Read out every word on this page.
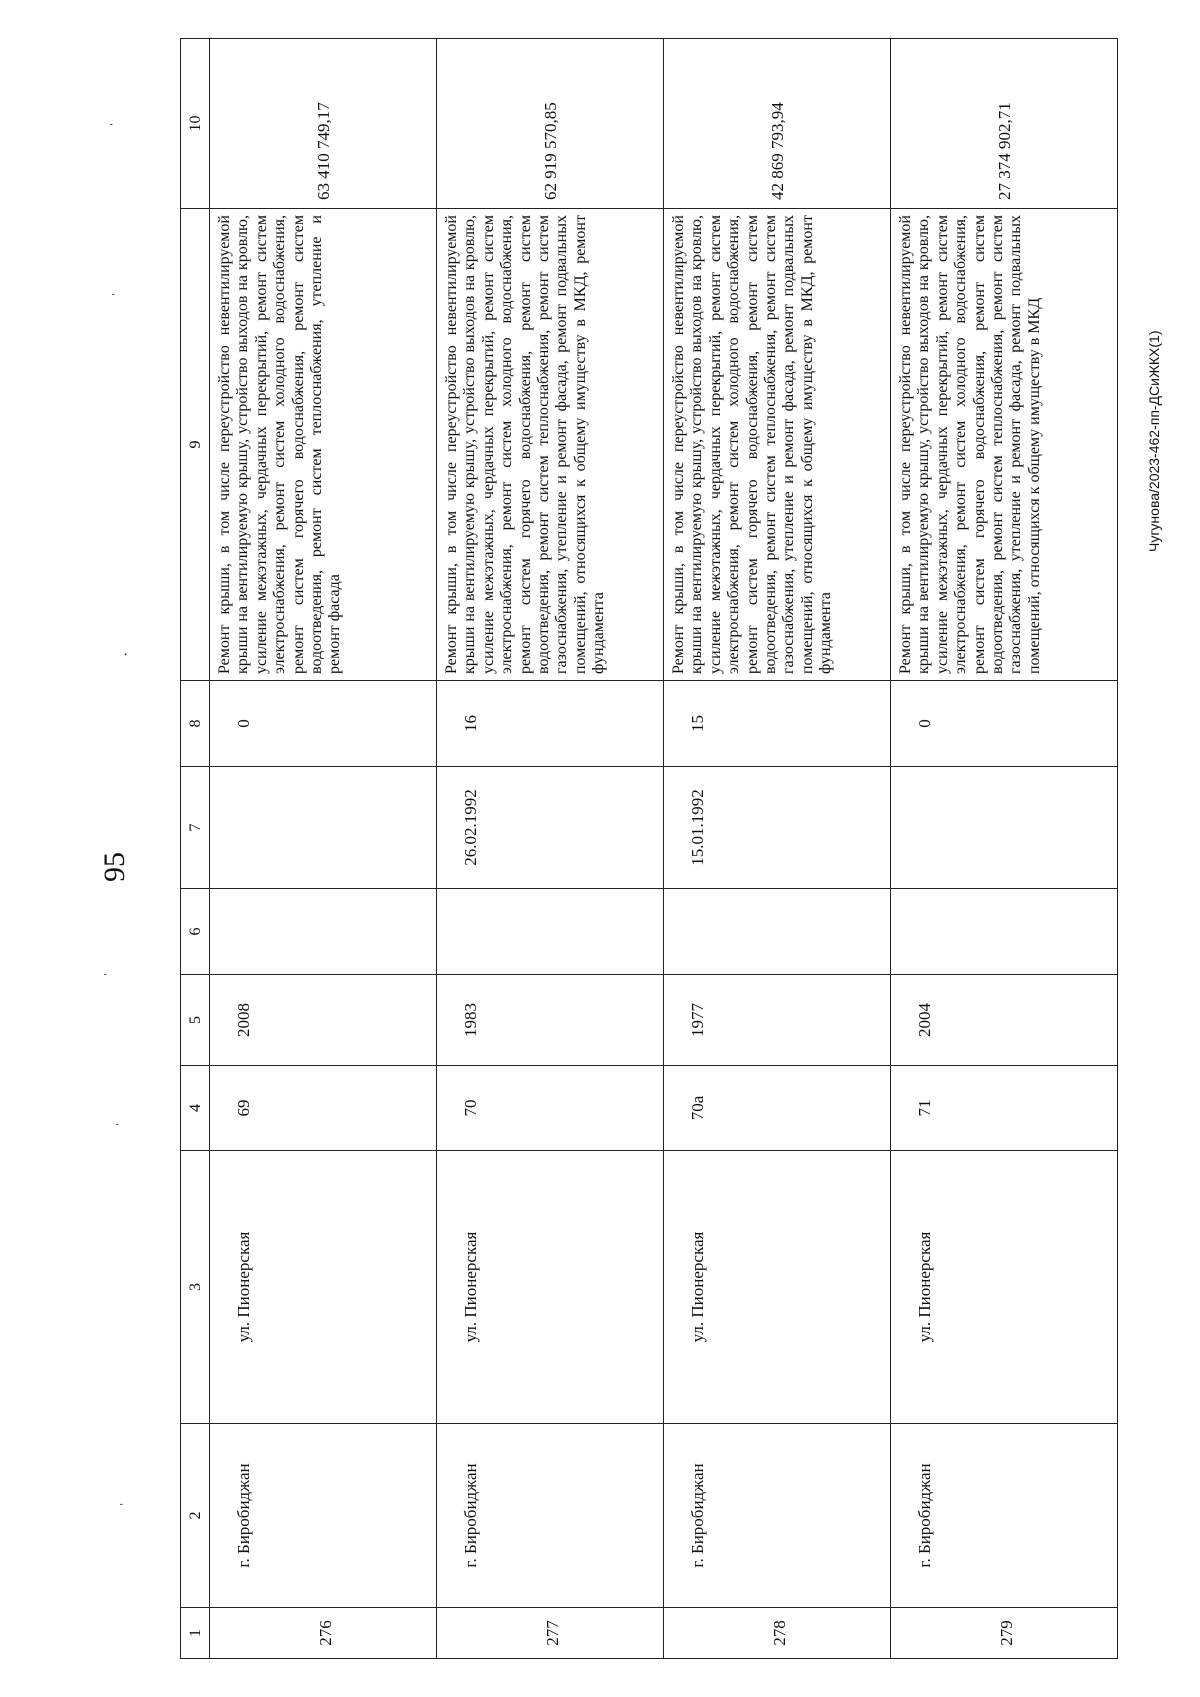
95
1	2	3	4	5	6	7	8	9	10
276	г. Биробиджан	ул. Пионерская	69	2008			0	Ремонт крыши, в том числе переустройство невентилируемой крыши на вентилируемую крышу, устройство выходов на кровлю, усиление межэтажных, чердачных перекрытий, ремонт систем электроснабжения, ремонт систем холодного водоснабжения, ремонт систем горячего водоснабжения, ремонт систем водоотведения, ремонт систем теплоснабжения, утепление и ремонт фасада	63 410 749,17
277	г. Биробиджан	ул. Пионерская	70	1983		26.02.1992	16	Ремонт крыши, в том числе переустройство невентилируемой крыши на вентилируемую крышу, устройство выходов на кровлю, усиление межэтажных, чердачных перекрытий, ремонт систем электроснабжения, ремонт систем холодного водоснабжения, ремонт систем горячего водоснабжения, ремонт систем водоотведения, ремонт систем теплоснабжения, ремонт систем газоснабжения, утепление и ремонт фасада, ремонт подвальных помещений, относящихся к общему имуществу в МКД, ремонт фундамента	62 919 570,85
278	г. Биробиджан	ул. Пионерская	70а	1977		15.01.1992	15	Ремонт крыши, в том числе переустройство невентилируемой крыши на вентилируемую крышу, устройство выходов на кровлю, усиление межэтажных, чердачных перекрытий, ремонт систем электроснабжения, ремонт систем холодного водоснабжения, ремонт систем горячего водоснабжения, ремонт систем водоотведения, ремонт систем теплоснабжения, ремонт систем газоснабжения, утепление и ремонт фасада, ремонт подвальных помещений, относящихся к общему имуществу в МКД, ремонт фундамента	42 869 793,94
279	г. Биробиджан	ул. Пионерская	71	2004			0	Ремонт крыши, в том числе переустройство невентилируемой крыши на вентилируемую крышу, устройство выходов на кровлю, усиление межэтажных, чердачных перекрытий, ремонт систем электроснабжения, ремонт систем холодного водоснабжения, ремонт систем горячего водоснабжения, ремонт систем водоотведения, ремонт систем теплоснабжения, ремонт систем газоснабжения, утепление и ремонт фасада, ремонт подвальных помещений, относящихся к общему имуществу в МКД	27 374 902,71
Чугунова/2023-462-пп-ДСиЖКХ(1)
ˈ
ˈ
·
ˈ
ˈ
ˈ
